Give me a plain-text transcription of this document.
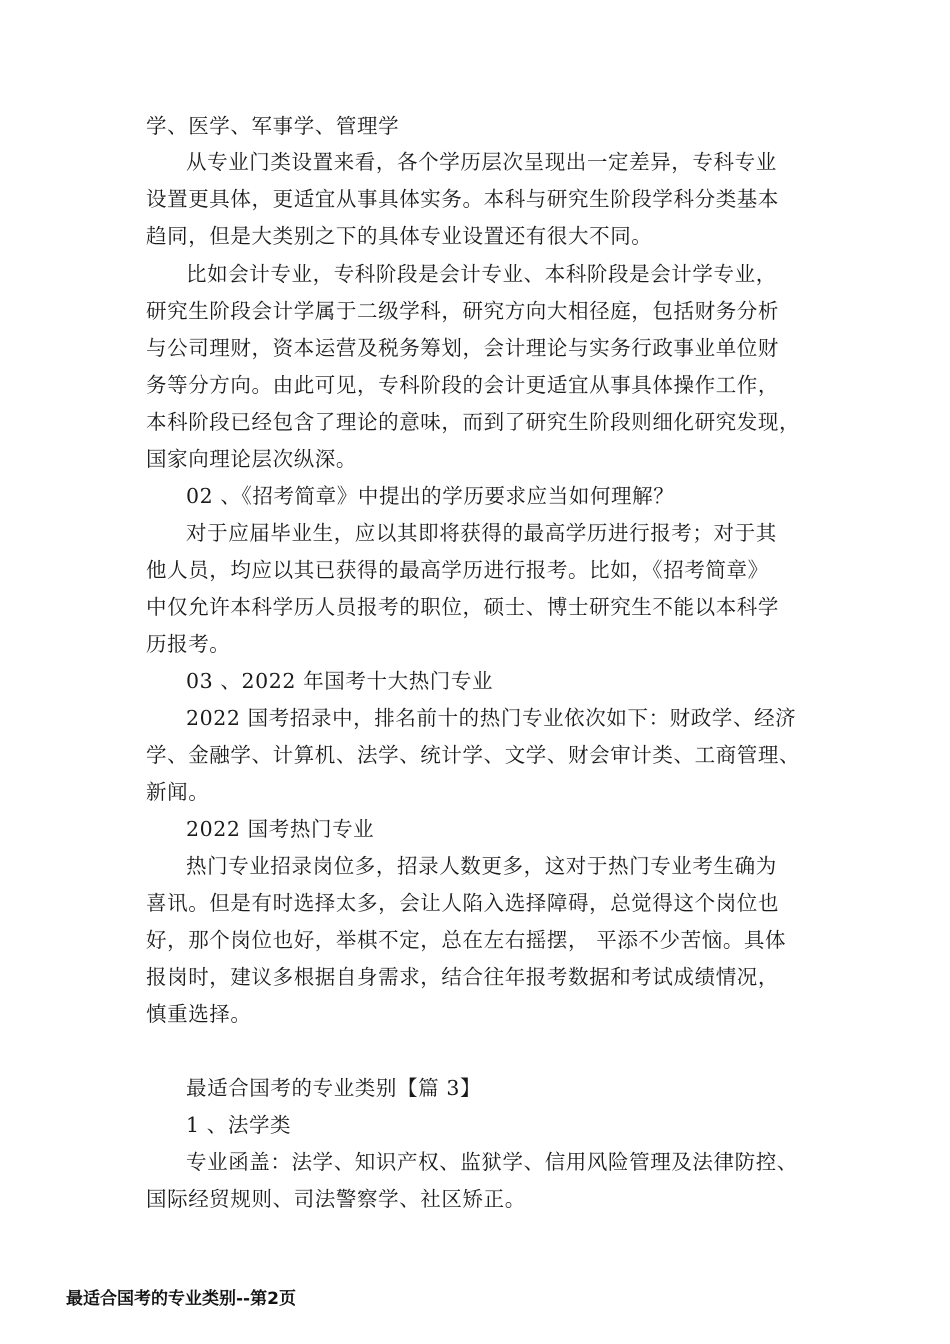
学、医学、军事学、管理学
从专业门类设置来看，各个学历层次呈现出一定差异，专科专业
设置更具体，更适宜从事具体实务。本科与研究生阶段学科分类基本
趋同，但是大类别之下的具体专业设置还有很大不同。
比如会计专业，专科阶段是会计专业、本科阶段是会计学专业，
研究生阶段会计学属于二级学科，研究方向大相径庭，包括财务分析
与公司理财，资本运营及税务筹划，会计理论与实务行政事业单位财
务等分方向。由此可见，专科阶段的会计更适宜从事具体操作工作，
本科阶段已经包含了理论的意味，而到了研究生阶段则细化研究发现，
国家向理论层次纵深。
02 、《招考简章》中提出的学历要求应当如何理解？
对于应届毕业生，应以其即将获得的最高学历进行报考；对于其
他人员，均应以其已获得的最高学历进行报考。比如，《招考简章》
中仅允许本科学历人员报考的职位，硕士、博士研究生不能以本科学
历报考。
03 、2022 年国考十大热门专业
2022 国考招录中，排名前十的热门专业依次如下：财政学、经济
学、金融学、计算机、法学、统计学、文学、财会审计类、工商管理、
新闻。
2022 国考热门专业
热门专业招录岗位多，招录人数更多，这对于热门专业考生确为
喜讯。但是有时选择太多，会让人陷入选择障碍，总觉得这个岗位也
好，那个岗位也好，举棋不定，总在左右摇摆， 平添不少苦恼。具体
报岗时，建议多根据自身需求，结合往年报考数据和考试成绩情况，
慎重选择。
最适合国考的专业类别【篇 3】
1 、法学类
专业函盖：法学、知识产权、监狱学、信用风险管理及法律防控、
国际经贸规则、司法警察学、社区矫正。
最适合国考的专业类别--第2页
